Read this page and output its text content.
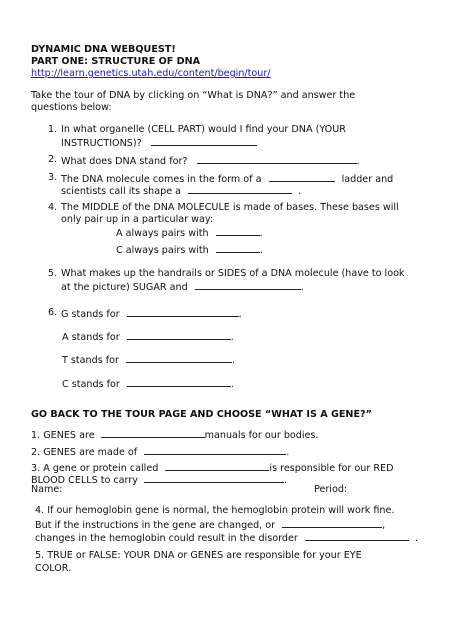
DYNAMIC DNA WEBQUEST!
PART ONE: STRUCTURE OF DNA
http://learn.genetics.utah.edu/content/begin/tour/
Take the tour of DNA by clicking on “What is DNA?” and answer the
questions below:
1. In what organelle (CELL PART) would I find your DNA (YOUR
INSTRUCTIONS)?
2. What does DNA stand for?	.
3. The DNA molecule comes in the form of a	ladder and
scientists call its shape a	.
4. The MIDDLE of the DNA MOLECULE is made of bases. These bases will
only pair up in a particular way:
A always pairs with	.
C always pairs with	.
5. What makes up the handrails or SIDES of a DNA molecule (have to look
at the picture) SUGAR and	.
6. G stands for	.
A stands for	.
T stands for	.
C stands for	.
GO BACK TO THE TOUR PAGE AND CHOOSE “WHAT IS A GENE?”
1. GENES are	manuals for our bodies.
2. GENES are made of	.
3. A gene or protein called	is responsible for our RED
BLOOD CELLS to carry	.
Name:	Period:
4. If our hemoglobin gene is normal, the hemoglobin protein will work fine.
But if the instructions in the gene are changed, or	,
changes in the hemoglobin could result in the disorder	.
5. TRUE or FALSE: YOUR DNA or GENES are responsible for your EYE
COLOR.
